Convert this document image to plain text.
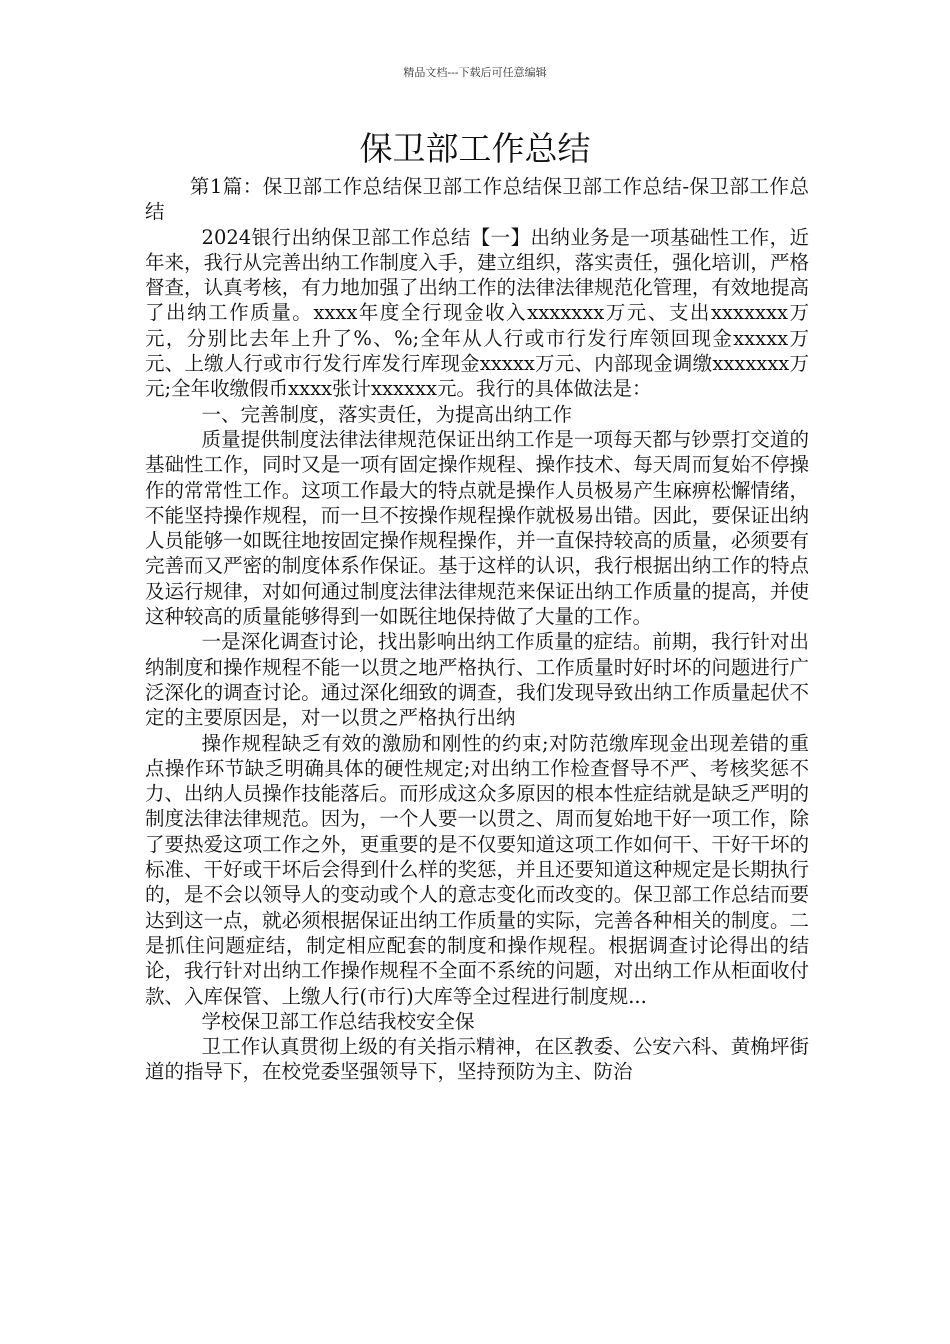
精品文档---下载后可任意编辑
保卫部工作总结

第1篇：保卫部工作总结保卫部工作总结保卫部工作总结-保卫部工作总结

2024银行出纳保卫部工作总结【一】出纳业务是一项基础性工作，近年来，我行从完善出纳工作制度入手，建立组织，落实责任，强化培训，严格督查，认真考核，有力地加强了出纳工作的法律法律规范化管理，有效地提高了出纳工作质量。xxxx年度全行现金收入xxxxxxx万元、支出xxxxxxx万元，分别比去年上升了%、%;全年从人行或市行发行库领回现金xxxxx万元、上缴人行或市行发行库发行库现金xxxxx万元、内部现金调缴xxxxxxx万元;全年收缴假币xxxx张计xxxxxx元。我行的具体做法是：

一、完善制度，落实责任，为提高出纳工作

质量提供制度法律法律规范保证出纳工作是一项每天都与钞票打交道的基础性工作，同时又是一项有固定操作规程、操作技术、每天周而复始不停操作的常常性工作。这项工作最大的特点就是操作人员极易产生麻痹松懈情绪，不能坚持操作规程，而一旦不按操作规程操作就极易出错。因此，要保证出纳人员能够一如既往地按固定操作规程操作，并一直保持较高的质量，必须要有完善而又严密的制度体系作保证。基于这样的认识，我行根据出纳工作的特点及运行规律，对如何通过制度法律法律规范来保证出纳工作质量的提高，并使这种较高的质量能够得到一如既往地保持做了大量的工作。

一是深化调查讨论，找出影响出纳工作质量的症结。前期，我行针对出纳制度和操作规程不能一以贯之地严格执行、工作质量时好时坏的问题进行广泛深化的调查讨论。通过深化细致的调查，我们发现导致出纳工作质量起伏不定的主要原因是，对一以贯之严格执行出纳

操作规程缺乏有效的激励和刚性的约束;对防范缴库现金出现差错的重点操作环节缺乏明确具体的硬性规定;对出纳工作检查督导不严、考核奖惩不力、出纳人员操作技能落后。而形成这众多原因的根本性症结就是缺乏严明的制度法律法律规范。因为，一个人要一以贯之、周而复始地干好一项工作，除了要热爱这项工作之外，更重要的是不仅要知道这项工作如何干、干好干坏的标准、干好或干坏后会得到什么样的奖惩，并且还要知道这种规定是长期执行的，是不会以领导人的变动或个人的意志变化而改变的。保卫部工作总结而要达到这一点，就必须根据保证出纳工作质量的实际，完善各种相关的制度。二是抓住问题症结，制定相应配套的制度和操作规程。根据调查讨论得出的结论，我行针对出纳工作操作规程不全面不系统的问题，对出纳工作从柜面收付款、入库保管、上缴人行(市行)大库等全过程进行制度规...

学校保卫部工作总结我校安全保

卫工作认真贯彻上级的有关指示精神，在区教委、公安六科、黄桷坪街道的指导下，在校党委坚强领导下，坚持预防为主、防治
